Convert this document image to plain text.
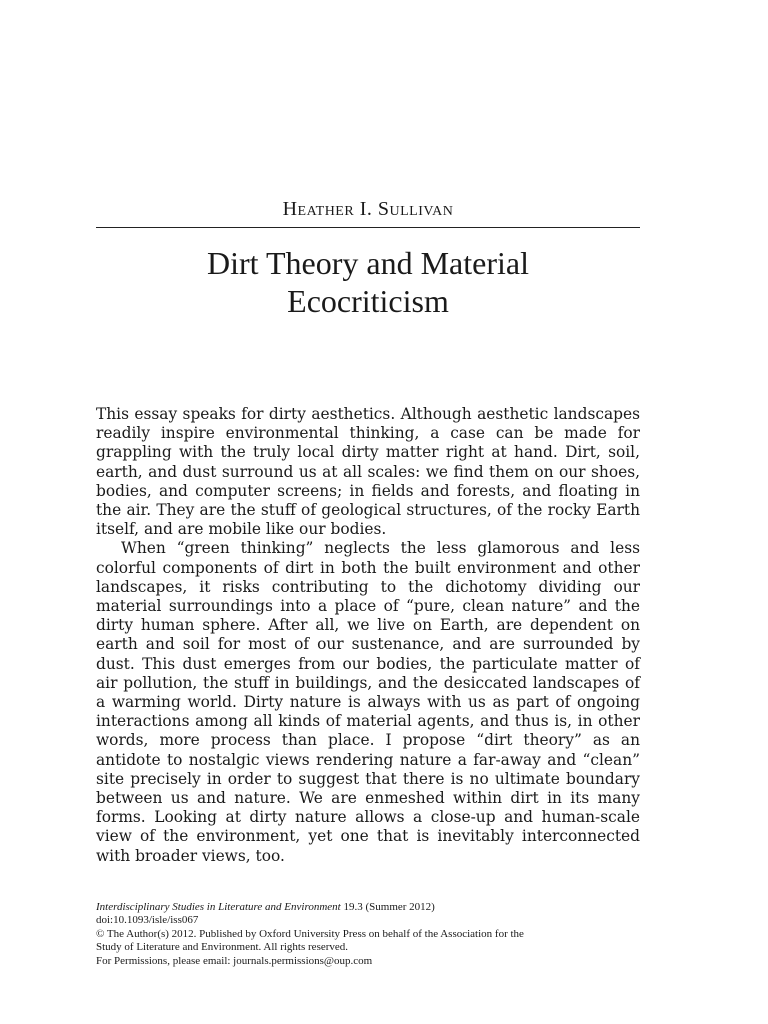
Heather I. Sullivan
Dirt Theory and Material
Ecocriticism

This essay speaks for dirty aesthetics. Although aesthetic landscapes readily inspire environmental thinking, a case can be made for grappling with the truly local dirty matter right at hand. Dirt, soil, earth, and dust surround us at all scales: we find them on our shoes, bodies, and computer screens; in fields and forests, and floating in the air. They are the stuff of geological structures, of the rocky Earth itself, and are mobile like our bodies.

When “green thinking” neglects the less glamorous and less colorful components of dirt in both the built environment and other landscapes, it risks contributing to the dichotomy dividing our material surroundings into a place of “pure, clean nature” and the dirty human sphere. After all, we live on Earth, are dependent on earth and soil for most of our sustenance, and are surrounded by dust. This dust emerges from our bodies, the particulate matter of air pollution, the stuff in buildings, and the desiccated landscapes of a warming world. Dirty nature is always with us as part of ongoing interactions among all kinds of material agents, and thus is, in other words, more process than place. I propose “dirt theory” as an antidote to nostalgic views rendering nature a far-away and “clean” site precisely in order to suggest that there is no ultimate boundary between us and nature. We are enmeshed within dirt in its many forms. Looking at dirty nature allows a close-up and human-scale view of the environment, yet one that is inevitably interconnected with broader views, too.

Interdisciplinary Studies in Literature and Environment 19.3 (Summer 2012)
doi:10.1093/isle/iss067
© The Author(s) 2012. Published by Oxford University Press on behalf of the Association for the
Study of Literature and Environment. All rights reserved.
For Permissions, please email: journals.permissions@oup.com
